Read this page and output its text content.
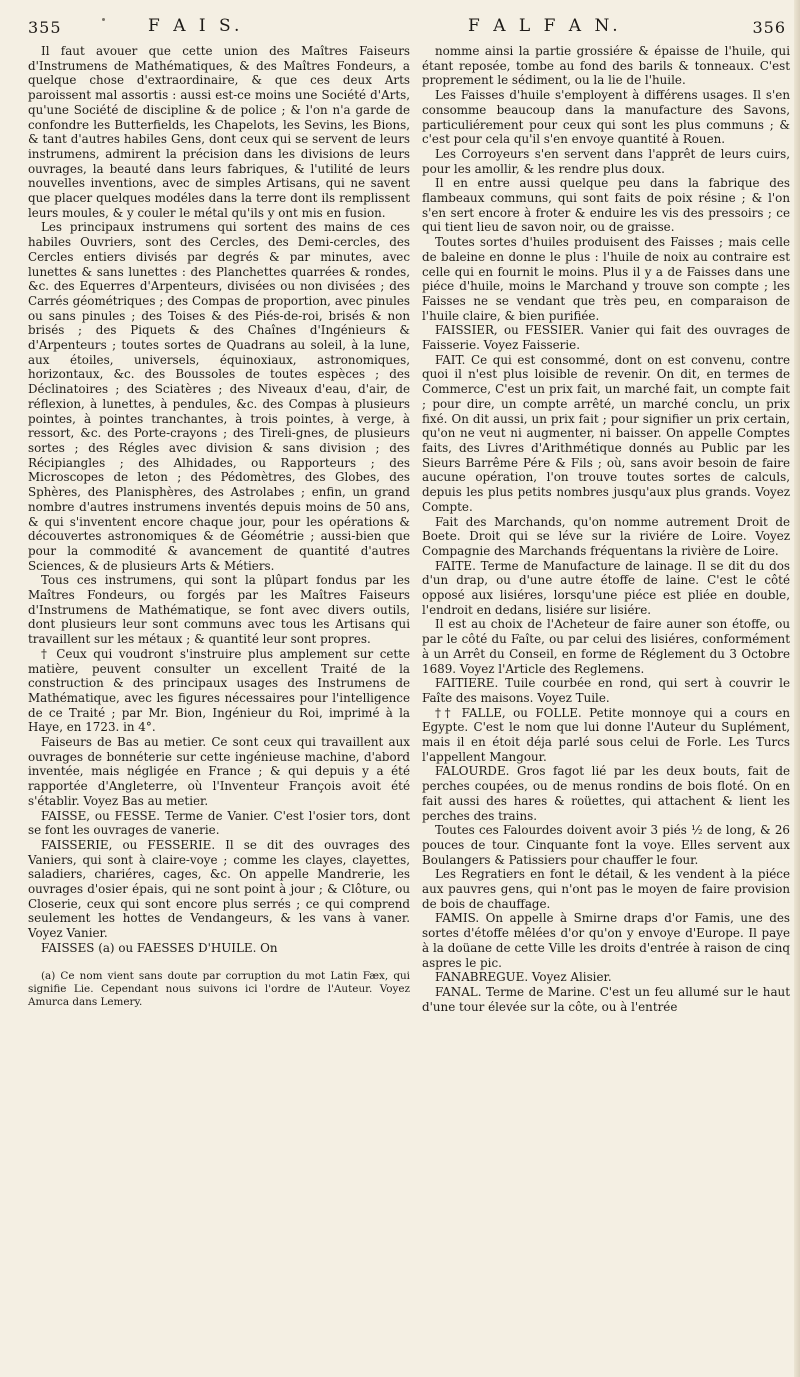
355	F A I S.	F A L F A N.	356

Il faut avouer que cette union des Maîtres Faiseurs d'Instrumens de Mathématiques, & des Maîtres Fondeurs, a quelque chose d'extraordinaire, & que ces deux Arts paroissent mal assortis : aussi est-ce moins une Société d'Arts, qu'une Société de discipline & de police ; & l'on n'a garde de confondre les Butterfields, les Chapelots, les Sevins, les Bions, & tant d'autres habiles Gens, dont ceux qui se servent de leurs instrumens, admirent la précision dans les divisions de leurs ouvrages, la beauté dans leurs fabriques, & l'utilité de leurs nouvelles inventions, avec de simples Artisans, qui ne savent que placer quelques modéles dans la terre dont ils remplissent leurs moules, & y couler le métal qu'ils y ont mis en fusion.

Les principaux instrumens qui sortent des mains de ces habiles Ouvriers, sont des Cercles, des Demi-cercles, des Cercles entiers divisés par degrés & par minutes, avec lunettes & sans lunettes : des Planchettes quarrées & rondes, &c. des Equerres d'Arpenteurs, divisées ou non divisées ; des Carrés géométriques ; des Compas de proportion, avec pinules ou sans pinules ; des Toises & des Piés-de-roi, brisés & non brisés ; des Piquets & des Chaînes d'Ingénieurs & d'Arpenteurs ; toutes sortes de Quadrans au soleil, à la lune, aux étoiles, universels, équinoxiaux, astronomiques, horizontaux, &c. des Boussoles de toutes espèces ; des Déclinatoires ; des Sciatères ; des Niveaux d'eau, d'air, de réflexion, à lunettes, à pendules, &c. des Compas à plusieurs pointes, à pointes tranchantes, à trois pointes, à verge, à ressort, &c. des Porte-crayons ; des Tireli-gnes, de plusieurs sortes ; des Régles avec division & sans division ; des Récipiangles ; des Alhidades, ou Rapporteurs ; des Microscopes de leton ; des Pédomètres, des Globes, des Sphères, des Planisphères, des Astrolabes ; enfin, un grand nombre d'autres instrumens inventés depuis moins de 50 ans, & qui s'inventent encore chaque jour, pour les opérations & découvertes astronomiques & de Géométrie ; aussi-bien que pour la commodité & avancement de quantité d'autres Sciences, & de plusieurs Arts & Métiers.

Tous ces instrumens, qui sont la plûpart fondus par les Maîtres Fondeurs, ou forgés par les Maîtres Faiseurs d'Instrumens de Mathématique, se font avec divers outils, dont plusieurs leur sont communs avec tous les Artisans qui travaillent sur les métaux ; & quantité leur sont propres.

† Ceux qui voudront s'instruire plus amplement sur cette matière, peuvent consulter un excellent Traité de la construction & des principaux usages des Instrumens de Mathématique, avec les figures nécessaires pour l'intelligence de ce Traité ; par Mr. Bion, Ingénieur du Roi, imprimé à la Haye, en 1723. in 4°.

Faiseurs de Bas au metier. Ce sont ceux qui travaillent aux ouvrages de bonnéterie sur cette ingénieuse machine, d'abord inventée, mais négligée en France ; & qui depuis y a été rapportée d'Angleterre, où l'Inventeur François avoit été s'établir. Voyez Bas au metier.

FAISSE, ou FESSE. Terme de Vanier. C'est l'osier tors, dont se font les ouvrages de vanerie.

FAISSERIE, ou FESSERIE. Il se dit des ouvrages des Vaniers, qui sont à claire-voye ; comme les clayes, clayettes, saladiers, chariéres, cages, &c. On appelle Mandrerie, les ouvrages d'osier épais, qui ne sont point à jour ; & Clôture, ou Closerie, ceux qui sont encore plus serrés ; ce qui comprend seulement les hottes de Vendangeurs, & les vans à vaner. Voyez Vanier.

FAISSES (a) ou FAESSES D'HUILE. On

(a) Ce nom vient sans doute par corruption du mot Latin Fæx, qui signifie Lie. Cependant nous suivons ici l'ordre de l'Auteur. Voyez Amurca dans Lemery.

nomme ainsi la partie grossiére & épaisse de l'huile, qui étant reposée, tombe au fond des barils & tonneaux. C'est proprement le sédiment, ou la lie de l'huile.

Les Faisses d'huile s'employent à différens usages. Il s'en consomme beaucoup dans la manufacture des Savons, particuliérement pour ceux qui sont les plus communs ; & c'est pour cela qu'il s'en envoye quantité à Rouen.

Les Corroyeurs s'en servent dans l'apprêt de leurs cuirs, pour les amollir, & les rendre plus doux.

Il en entre aussi quelque peu dans la fabrique des flambeaux communs, qui sont faits de poix résine ; & l'on s'en sert encore à froter & enduire les vis des pressoirs ; ce qui tient lieu de savon noir, ou de graisse.

Toutes sortes d'huiles produisent des Faisses ; mais celle de baleine en donne le plus : l'huile de noix au contraire est celle qui en fournit le moins. Plus il y a de Faisses dans une piéce d'huile, moins le Marchand y trouve son compte ; les Faisses ne se vendant que très peu, en comparaison de l'huile claire, & bien purifiée.

FAISSIER, ou FESSIER. Vanier qui fait des ouvrages de Faisserie. Voyez Faisserie.

FAIT. Ce qui est consommé, dont on est convenu, contre quoi il n'est plus loisible de revenir. On dit, en termes de Commerce, C'est un prix fait, un marché fait, un compte fait ; pour dire, un compte arrêté, un marché conclu, un prix fixé. On dit aussi, un prix fait ; pour signifier un prix certain, qu'on ne veut ni augmenter, ni baisser. On appelle Comptes faits, des Livres d'Arithmétique donnés au Public par les Sieurs Barrême Pére & Fils ; où, sans avoir besoin de faire aucune opération, l'on trouve toutes sortes de calculs, depuis les plus petits nombres jusqu'aux plus grands. Voyez Compte.

Fait des Marchands, qu'on nomme autrement Droit de Boete. Droit qui se léve sur la riviére de Loire. Voyez Compagnie des Marchands fréquentans la rivière de Loire.

FAITE. Terme de Manufacture de lainage. Il se dit du dos d'un drap, ou d'une autre étoffe de laine. C'est le côté opposé aux lisiéres, lorsqu'une piéce est pliée en double, l'endroit en dedans, lisiére sur lisiére.

Il est au choix de l'Acheteur de faire auner son étoffe, ou par le côté du Faîte, ou par celui des lisiéres, conformément à un Arrêt du Conseil, en forme de Réglement du 3 Octobre 1689. Voyez l'Article des Reglemens.

FAITIERE. Tuile courbée en rond, qui sert à couvrir le Faîte des maisons. Voyez Tuile.

†† FALLE, ou FOLLE. Petite monnoye qui a cours en Egypte. C'est le nom que lui donne l'Auteur du Suplément, mais il en étoit déja parlé sous celui de Forle. Les Turcs l'appellent Mangour.

FALOURDE. Gros fagot lié par les deux bouts, fait de perches coupées, ou de menus rondins de bois floté. On en fait aussi des hares & roüettes, qui attachent & lient les perches des trains.

Toutes ces Falourdes doivent avoir 3 piés ½ de long, & 26 pouces de tour. Cinquante font la voye. Elles servent aux Boulangers & Patissiers pour chauffer le four.

Les Regratiers en font le détail, & les vendent à la piéce aux pauvres gens, qui n'ont pas le moyen de faire provision de bois de chauffage.

FAMIS. On appelle à Smirne draps d'or Famis, une des sortes d'étoffe mêlées d'or qu'on y envoye d'Europe. Il paye à la doüane de cette Ville les droits d'entrée à raison de cinq aspres le pic.

FANABREGUE. Voyez Alisier.

FANAL. Terme de Marine. C'est un feu allumé sur le haut d'une tour élevée sur la côte, ou à l'entrée
